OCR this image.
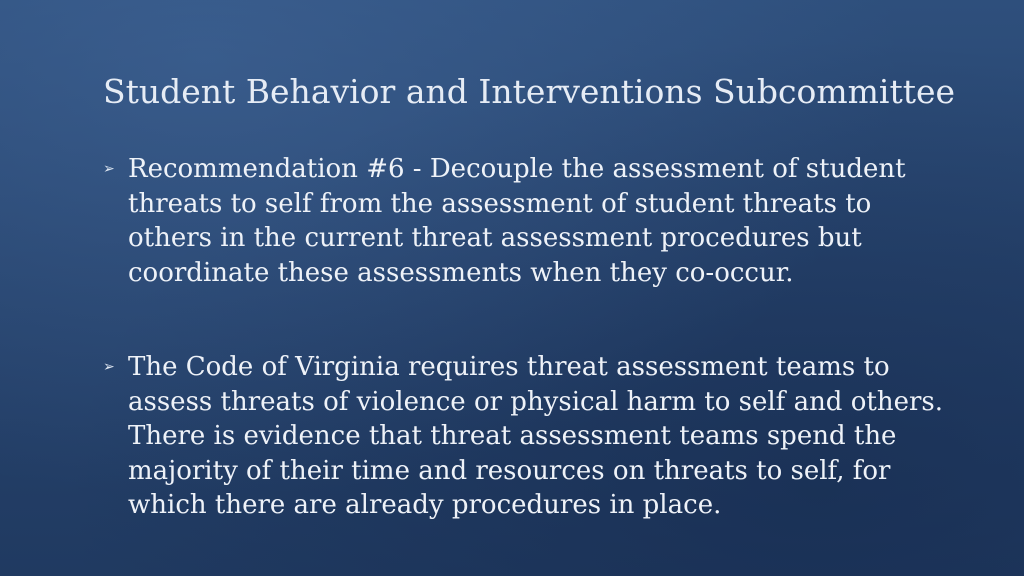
Student Behavior and Interventions Subcommittee
➢ Recommendation #6 - Decouple the assessment of student threats to self from the assessment of student threats to others in the current threat assessment procedures but coordinate these assessments when they co-occur.
➢ The Code of Virginia requires threat assessment teams to assess threats of violence or physical harm to self and others. There is evidence that threat assessment teams spend the majority of their time and resources on threats to self, for which there are already procedures in place.
